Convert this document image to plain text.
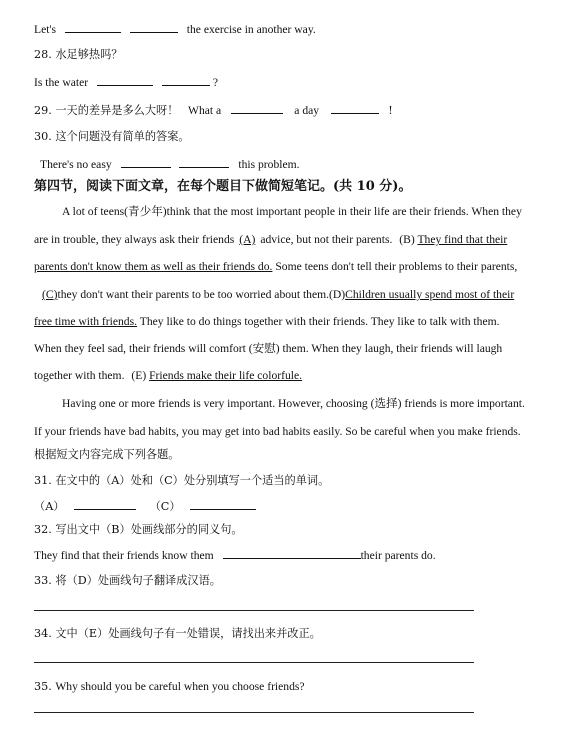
Let's	the exercise in another way.
28. 水足够热吗？
Is the water	?
29. 一天的差异是多么大呀！ What a	a day	!
30. 这个问题没有简单的答案。
There's no easy	this problem.
第四节，阅读下面文章，在每个题目下做简短笔记。(共 10 分)。
A lot of teens(青少年)think that the most important people in their life are their friends. When they
are in trouble, they always ask their friends (A) advice, but not their parents. (B) They find that their
parents don't know them as well as their friends do. Some teens don't tell their problems to their parents,
(C)they don't want their parents to be too worried about them.(D)Children usually spend most of their
free time with friends. They like to do things together with their friends. They like to talk with them.
When they feel sad, their friends will comfort (安慰) them. When they laugh, their friends will laugh
together with them. (E) Friends make their life colorfule.
Having one or more friends is very important. However, choosing (选择) friends is more important.
If your friends have bad habits, you may get into bad habits easily. So be careful when you make friends.
根据短文内容完成下列各题。
31. 在文中的（A）处和（C）处分别填写一个适当的单词。
（A）	（C）
32. 写出文中（B）处画线部分的同义句。
They find that their friends know them	their parents do.
33. 将（D）处画线句子翻译成汉语。
34. 文中（E）处画线句子有一处错误，请找出来并改正。
35. Why should you be careful when you choose friends?
